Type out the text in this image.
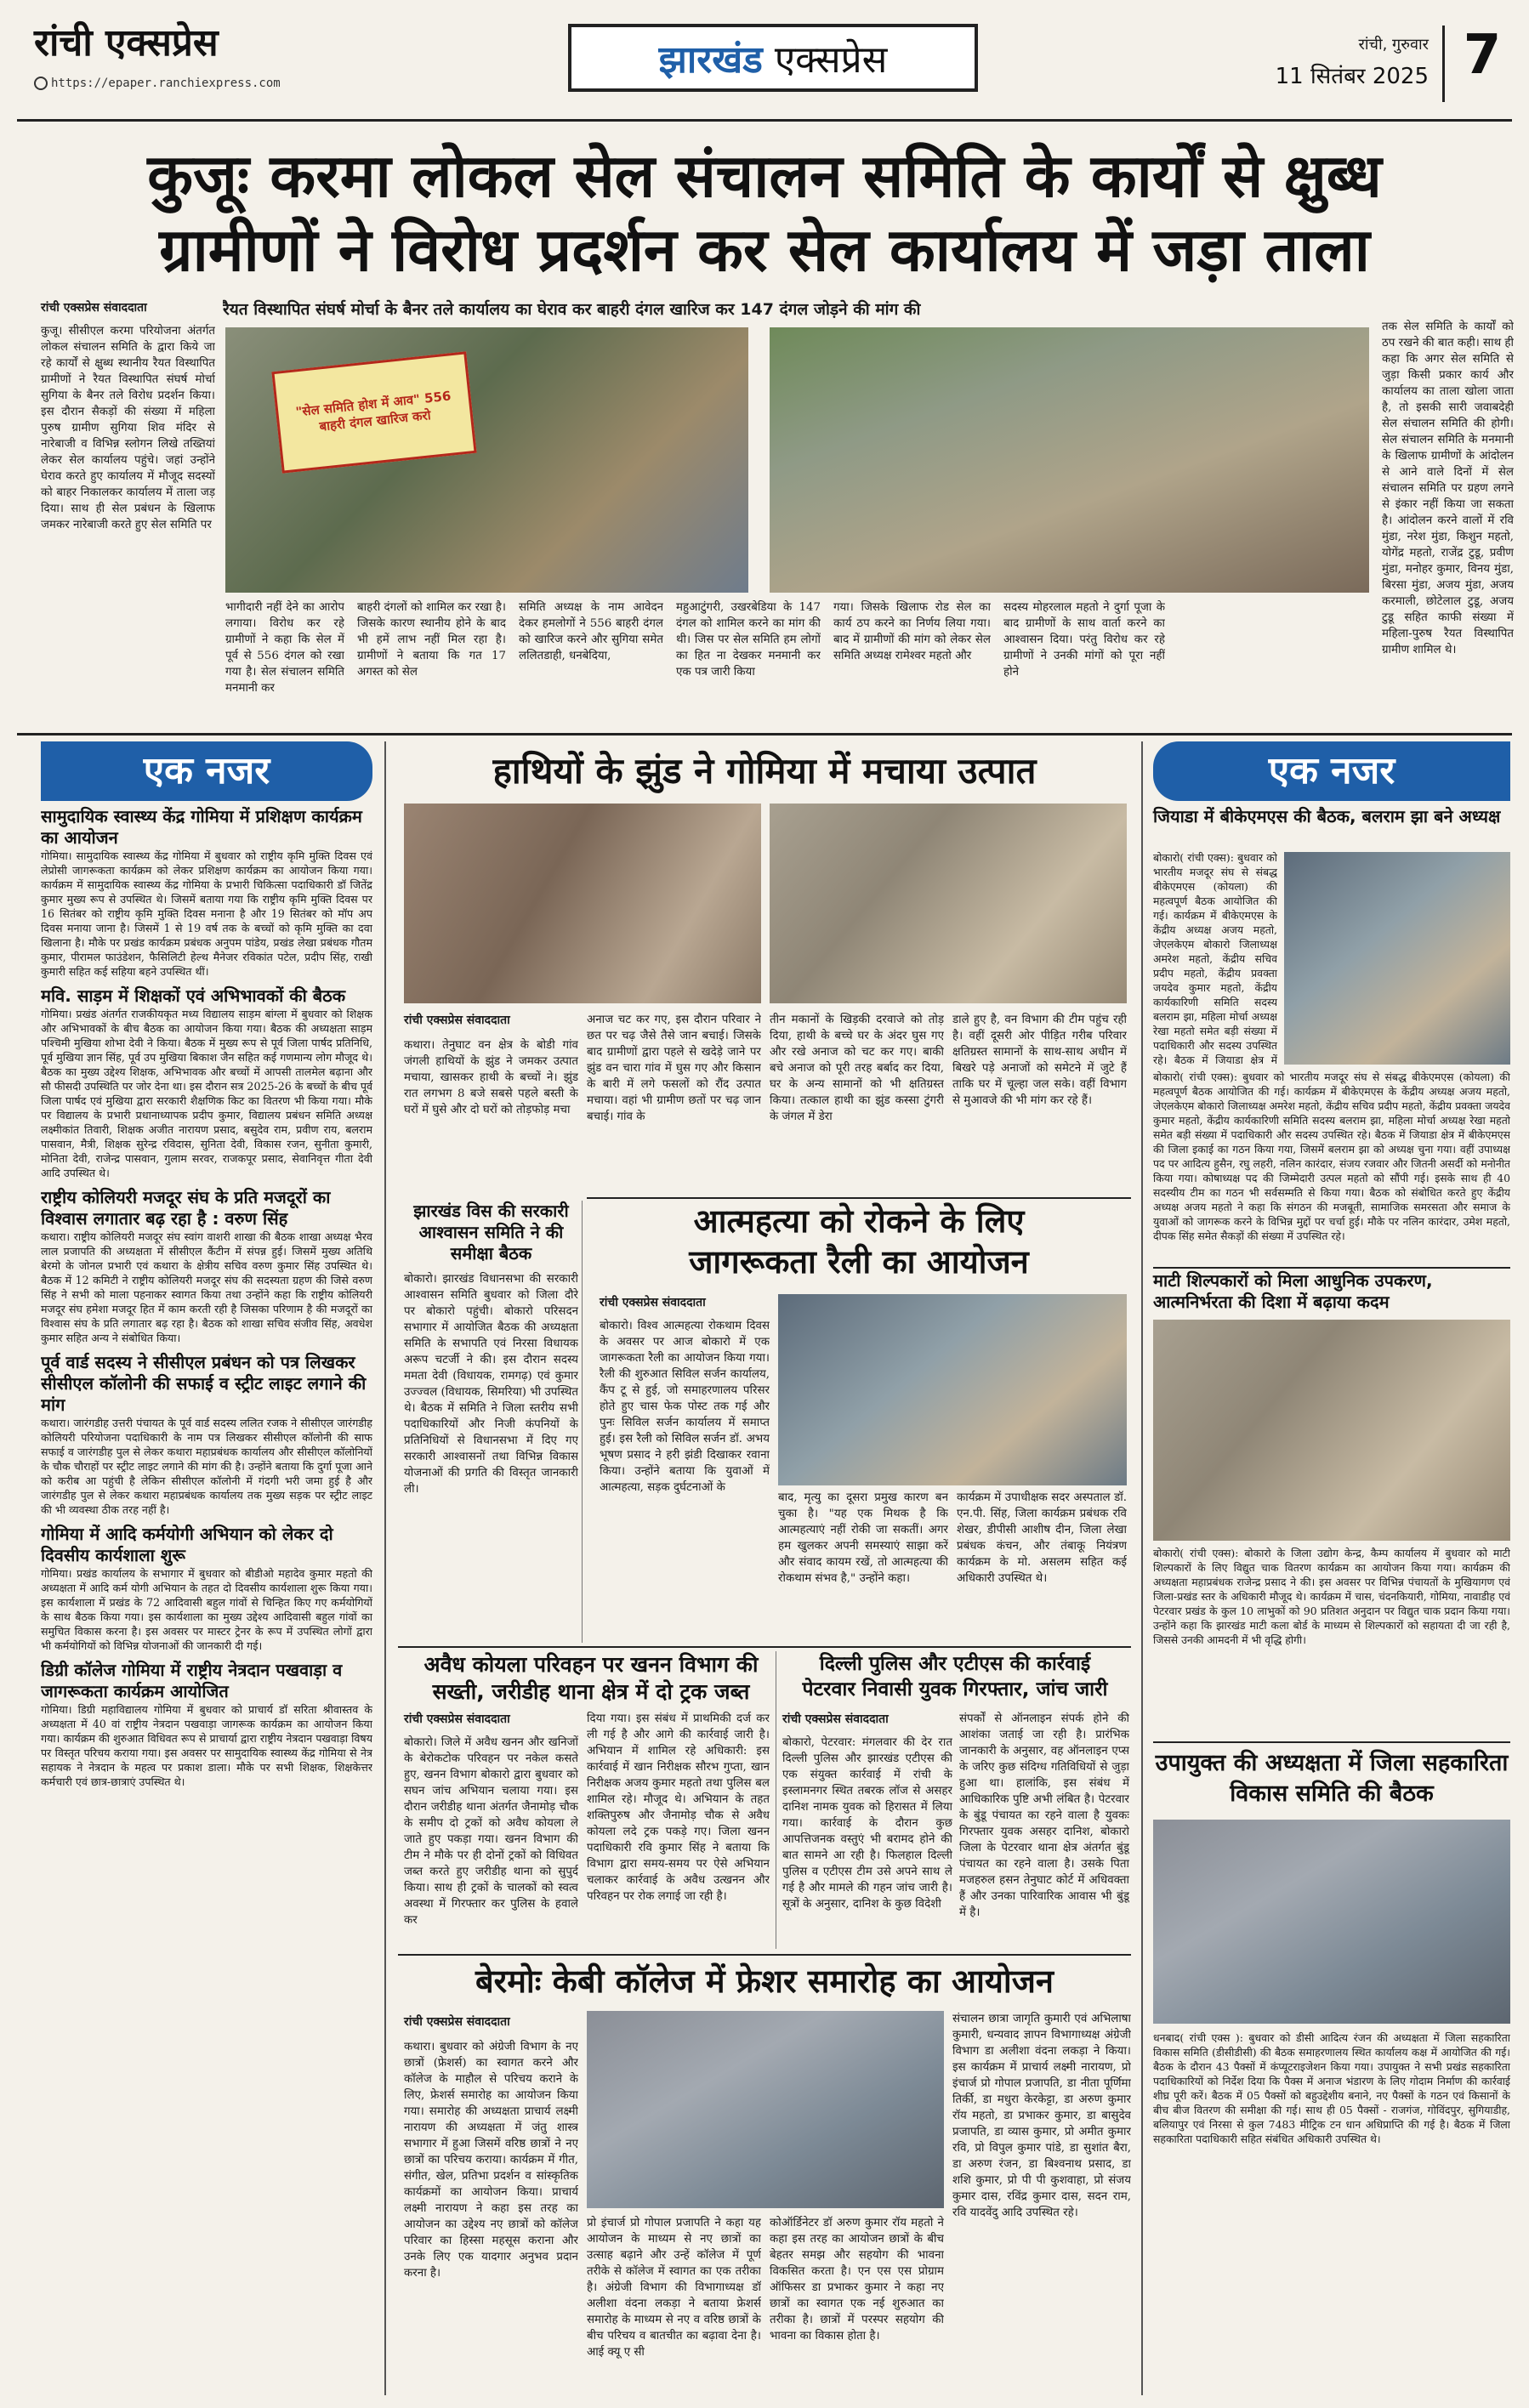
रांची एक्सप्रेस
https://epaper.ranchiexpress.com
झारखंड एक्सप्रेस	रांची, गुरुवार
11 सितंबर 2025 7
कुजूः करमा लोकल सेल संचालन समिति के कार्यों से क्षुब्ध
ग्रामीणों ने विरोध प्रदर्शन कर सेल कार्यालय में जड़ा ताला
रांची एक्सप्रेस संवाददाता	रैयत विस्थापित संघर्ष मोर्चा के बैनर तले कार्यालय का घेराव कर बाहरी दंगल खारिज कर 147 दंगल जोड़ने की मांग की
कुजू। सीसीएल करमा परियोजना अंतर्गत लोकल संचालन समिति के द्वारा किये जा रहे कार्यों से क्षुब्ध स्थानीय रैयत विस्थापित ग्रामीणों ने रैयत विस्थापित संघर्ष मोर्चा सुगिया के बैनर तले विरोध प्रदर्शन किया। इस दौरान सैकड़ों की संख्या में महिला पुरुष ग्रामीण सुगिया शिव मंदिर से नारेबाजी व विभिन्न स्लोगन लिखे तख्तियां लेकर सेल कार्यालय पहुंचे। जहां उन्होंने घेराव करते हुए कार्यालय में मौजूद सदस्यों को बाहर निकालकर कार्यालय में ताला जड़ दिया। साथ ही सेल प्रबंधन के खिलाफ जमकर नारेबाजी करते हुए सेल समिति पर
"सेल समिति होश में आव" 556 बाहरी दंगल खारिज करो
भागीदारी नहीं देने का आरोप लगाया। विरोध कर रहे ग्रामीणों ने कहा कि सेल में पूर्व से 556 दंगल को रखा गया है। सेल संचालन समिति मनमानी कर
बाहरी दंगलों को शामिल कर रखा है। जिसके कारण स्थानीय होने के बाद भी हमें लाभ नहीं मिल रहा है। ग्रामीणों ने बताया कि गत 17 अगस्त को सेल
समिति अध्यक्ष के नाम आवेदन देकर हमलोगों ने 556 बाहरी दंगल को खारिज करने और सुगिया समेत ललितडाही, धनबेदिया,
महुआटुंगरी, उखरबेडिया के 147 दंगल को शामिल करने का मांग की थी। जिस पर सेल समिति हम लोगों का हित ना देखकर मनमानी कर एक पत्र जारी किया
गया। जिसके खिलाफ रोड सेल का कार्य ठप करने का निर्णय लिया गया। बाद में ग्रामीणों की मांग को लेकर सेल समिति अध्यक्ष रामेश्वर महतो और
सदस्य मोहरलाल महतो ने दुर्गा पूजा के बाद ग्रामीणों के साथ वार्ता करने का आश्वासन दिया। परंतु विरोध कर रहे ग्रामीणों ने उनकी मांगों को पूरा नहीं होने
तक सेल समिति के कार्यों को ठप रखने की बात कही। साथ ही कहा कि अगर सेल समिति से जुड़ा किसी प्रकार कार्य और कार्यालय का ताला खोला जाता है, तो इसकी सारी जवाबदेही सेल संचालन समिति की होगी। सेल संचालन समिति के मनमानी के खिलाफ ग्रामीणों के आंदोलन से आने वाले दिनों में सेल संचालन समिति पर ग्रहण लगने से इंकार नहीं किया जा सकता है। आंदोलन करने वालों में रवि मुंडा, नरेश मुंडा, किशुन महतो, योगेंद्र महतो, राजेंद्र टुडू, प्रवीण मुंडा, मनोहर कुमार, विनय मुंडा, बिरसा मुंडा, अजय मुंडा, अजय करमाली, छोटेलाल टुडू, अजय टुडू सहित काफी संख्या में महिला-पुरुष रैयत विस्थापित ग्रामीण शामिल थे।
एक नजर
सामुदायिक स्वास्थ्य केंद्र गोमिया में प्रशिक्षण कार्यक्रम का आयोजन
गोमिया। सामुदायिक स्वास्थ्य केंद्र गोमिया में बुधवार को राष्ट्रीय कृमि मुक्ति दिवस एवं लेप्रोसी जागरूकता कार्यक्रम को लेकर प्रशिक्षण कार्यक्रम का आयोजन किया गया। कार्यक्रम में सामुदायिक स्वास्थ्य केंद्र गोमिया के प्रभारी चिकित्सा पदाधिकारी डॉ जितेंद्र कुमार मुख्य रूप से उपस्थित थे। जिसमें बताया गया कि राष्ट्रीय कृमि मुक्ति दिवस पर 16 सितंबर को राष्ट्रीय कृमि मुक्ति दिवस मनाना है और 19 सितंबर को मॉप अप दिवस मनाया जाना है। जिसमें 1 से 19 वर्ष तक के बच्चों को कृमि मुक्ति का दवा खिलाना है। मौके पर प्रखंड कार्यक्रम प्रबंधक अनुपम पांडेय, प्रखंड लेखा प्रबंधक गौतम कुमार, पीरामल फाउंडेशन, फैसिलिटी हेल्थ मैनेजर रविकांत पटेल, प्रदीप सिंह, राखी कुमारी सहित कई सहिया बहने उपस्थित थीं।
मवि. साड़म में शिक्षकों एवं अभिभावकों की बैठक
गोमिया। प्रखंड अंतर्गत राजकीयकृत मध्य विद्यालय साड़म बांग्ला में बुधवार को शिक्षक और अभिभावकों के बीच बैठक का आयोजन किया गया। बैठक की अध्यक्षता साड़म पश्चिमी मुखिया शोभा देवी ने किया। बैठक में मुख्य रूप से पूर्व जिला पार्षद प्रतिनिधि, पूर्व मुखिया ज्ञान सिंह, पूर्व उप मुखिया बिकाश जैन सहित कई गणमान्य लोग मौजूद थे। बैठक का मुख्य उद्देश्य शिक्षक, अभिभावक और बच्चों में आपसी तालमेल बढ़ाना और सौ फीसदी उपस्थिति पर जोर देना था। इस दौरान सत्र 2025-26 के बच्चों के बीच पूर्व जिला पार्षद एवं मुखिया द्वारा सरकारी शैक्षणिक किट का वितरण भी किया गया। मौके पर विद्यालय के प्रभारी प्रधानाध्यापक प्रदीप कुमार, विद्यालय प्रबंधन समिति अध्यक्ष लक्ष्मीकांत तिवारी, शिक्षक अजीत नारायण प्रसाद, बसुदेव राम, प्रवीण राय, बलराम पासवान, मैत्री, शिक्षक सुरेन्द्र रविदास, सुनिता देवी, विकास रजन, सुनीता कुमारी, मोनिता देवी, राजेन्द्र पासवान, गुलाम सरवर, राजकपूर प्रसाद, सेवानिवृत्त गीता देवी आदि उपस्थित थे।
राष्ट्रीय कोलियरी मजदूर संघ के प्रति मजदूरों का विश्वास लगातार बढ़ रहा है : वरुण सिंह
कथारा। राष्ट्रीय कोलियरी मजदूर संघ स्वांग वाशरी शाखा की बैठक शाखा अध्यक्ष भैरव लाल प्रजापति की अध्यक्षता में सीसीएल कैंटीन में संपन्न हुई। जिसमें मुख्य अतिथि बेरमो के जोनल प्रभारी एवं कथारा के क्षेत्रीय सचिव वरुण कुमार सिंह उपस्थित थे। बैठक में 12 कमिटी ने राष्ट्रीय कोलियरी मजदूर संघ की सदस्यता ग्रहण की जिसे वरुण सिंह ने सभी को माला पहनाकर स्वागत किया तथा उन्होंने कहा कि राष्ट्रीय कोलियरी मजदूर संघ हमेशा मजदूर हित में काम करती रही है जिसका परिणाम है की मजदूरों का विश्वास संघ के प्रति लगातार बढ़ रहा है। बैठक को शाखा सचिव संजीव सिंह, अवधेश कुमार सहित अन्य ने संबोधित किया।
पूर्व वार्ड सदस्य ने सीसीएल प्रबंधन को पत्र लिखकर सीसीएल कॉलोनी की सफाई व स्ट्रीट लाइट लगाने की मांग
कथारा। जारंगडीह उत्तरी पंचायत के पूर्व वार्ड सदस्य ललित रजक ने सीसीएल जारंगडीह कोलियरी परियोजना पदाधिकारी के नाम पत्र लिखकर सीसीएल कॉलोनी की साफ सफाई व जारंगडीह पुल से लेकर कथारा महाप्रबंधक कार्यालय और सीसीएल कॉलोनियों के चौक चौराहों पर स्ट्रीट लाइट लगाने की मांग की है। उन्होंने बताया कि दुर्गा पूजा आने को करीब आ पहुंची है लेकिन सीसीएल कॉलोनी में गंदगी भरी जमा हुई है और जारंगडीह पुल से लेकर कथारा महाप्रबंधक कार्यालय तक मुख्य सड़क पर स्ट्रीट लाइट की भी व्यवस्था ठीक तरह नहीं है।
गोमिया में आदि कर्मयोगी अभियान को लेकर दो दिवसीय कार्यशाला शुरू
गोमिया। प्रखंड कार्यालय के सभागार में बुधवार को बीडीओ महादेव कुमार महतो की अध्यक्षता में आदि कर्म योगी अभियान के तहत दो दिवसीय कार्यशाला शुरू किया गया। इस कार्यशाला में प्रखंड के 72 आदिवासी बहुल गांवों से चिन्हित किए गए कर्मयोगियों के साथ बैठक किया गया। इस कार्यशाला का मुख्य उद्देश्य आदिवासी बहुल गांवों का समुचित विकास करना है। इस अवसर पर मास्टर ट्रेनर के रूप में उपस्थित लोगों द्वारा भी कर्मयोगियों को विभिन्न योजनाओं की जानकारी दी गई।
डिग्री कॉलेज गोमिया में राष्ट्रीय नेत्रदान पखवाड़ा व जागरूकता कार्यक्रम आयोजित
गोमिया। डिग्री महाविद्यालय गोमिया में बुधवार को प्राचार्य डॉ सरिता श्रीवास्तव के अध्यक्षता में 40 वां राष्ट्रीय नेत्रदान पखवाड़ा जागरूक कार्यक्रम का आयोजन किया गया। कार्यक्रम की शुरुआत विधिवत रूप से प्राचार्या द्वारा राष्ट्रीय नेत्रदान पखवाड़ा विषय पर विस्तृत परिचय कराया गया। इस अवसर पर सामुदायिक स्वास्थ्य केंद्र गोमिया से नेत्र सहायक ने नेत्रदान के महत्व पर प्रकाश डाला। मौके पर सभी शिक्षक, शिक्षकेत्तर कर्मचारी एवं छात्र-छात्राएं उपस्थित थे।
हाथियों के झुंड ने गोमिया में मचाया उत्पात
रांची एक्सप्रेस संवाददाता
कथारा। तेनुघाट वन क्षेत्र के बोडी गांव जंगली हाथियों के झुंड ने जमकर उत्पात मचाया, खासकर हाथी के बच्चों ने। झुंड रात लगभग 8 बजे सबसे पहले बस्ती के घरों में घुसे और दो घरों को तोड़फोड़ मचा
अनाज चट कर गए, इस दौरान परिवार ने छत पर चढ़ जैसे तैसे जान बचाई। जिसके बाद ग्रामीणों द्वारा पहले से खदेड़े जाने पर झुंड वन चारा गांव में घुस गए और किसान के बारी में लगे फसलों को रौंद उत्पात मचाया। वहां भी ग्रामीण छतों पर चढ़ जान बचाई। गांव के
तीन मकानों के खिड़की दरवाजे को तोड़ दिया, हाथी के बच्चे घर के अंदर घुस गए और रखे अनाज को चट कर गए। बाकी बचे अनाज को पूरी तरह बर्बाद कर दिया, घर के अन्य सामानों को भी क्षतिग्रस्त किया। तत्काल हाथी का झुंड कस्सा टुंगरी के जंगल में डेरा
डाले हुए है, वन विभाग की टीम पहुंच रही है। वहीं दूसरी ओर पीड़ित गरीब परिवार क्षतिग्रस्त सामानों के साथ-साथ अधीन में बिखरे पड़े अनाजों को समेटने में जुटे हैं ताकि घर में चूल्हा जल सके। वहीं विभाग से मुआवजे की भी मांग कर रहे हैं।
झारखंड विस की सरकारी आश्वासन समिति ने की समीक्षा बैठक
बोकारो। झारखंड विधानसभा की सरकारी आश्वासन समिति बुधवार को जिला दौरे पर बोकारो पहुंची। बोकारो परिसदन सभागार में आयोजित बैठक की अध्यक्षता समिति के सभापति एवं निरसा विधायक अरूप चटर्जी ने की। इस दौरान सदस्य ममता देवी (विधायक, रामगढ़) एवं कुमार उज्ज्वल (विधायक, सिमरिया) भी उपस्थित थे। बैठक में समिति ने जिला स्तरीय सभी पदाधिकारियों और निजी कंपनियों के प्रतिनिधियों से विधानसभा में दिए गए सरकारी आश्वासनों तथा विभिन्न विकास योजनाओं की प्रगति की विस्तृत जानकारी ली।
आत्महत्या को रोकने के लिए
जागरूकता रैली का आयोजन
रांची एक्सप्रेस संवाददाता
बोकारो। विश्व आत्महत्या रोकथाम दिवस के अवसर पर आज बोकारो में एक जागरूकता रैली का आयोजन किया गया। रैली की शुरुआत सिविल सर्जन कार्यालय, कैंप टू से हुई, जो समाहरणालय परिसर होते हुए चास फेक पोस्ट तक गई और पुनः सिविल सर्जन कार्यालय में समाप्त हुई। इस रैली को सिविल सर्जन डॉ. अभय भूषण प्रसाद ने हरी झंडी दिखाकर रवाना किया। उन्होंने बताया कि युवाओं में आत्महत्या, सड़क दुर्घटनाओं के
बाद, मृत्यु का दूसरा प्रमुख कारण बन चुका है। "यह एक मिथक है कि आत्महत्याएं नहीं रोकी जा सकतीं। अगर हम खुलकर अपनी समस्याएं साझा करें और संवाद कायम रखें, तो आत्महत्या की रोकथाम संभव है," उन्होंने कहा।
कार्यक्रम में उपाधीक्षक सदर अस्पताल डॉ. एन.पी. सिंह, जिला कार्यक्रम प्रबंधक रवि शेखर, डीपीसी आशीष दीन, जिला लेखा प्रबंधक कंचन, और तंबाकू नियंत्रण कार्यक्रम के मो. असलम सहित कई अधिकारी उपस्थित थे।
अवैध कोयला परिवहन पर खनन विभाग की सख्ती, जरीडीह थाना क्षेत्र में दो ट्रक जब्त
रांची एक्सप्रेस संवाददाता
बोकारो। जिले में अवैध खनन और खनिजों के बेरोकटोक परिवहन पर नकेल कसते हुए, खनन विभाग बोकारो द्वारा बुधवार को सघन जांच अभियान चलाया गया। इस दौरान जरीडीह थाना अंतर्गत जैनामोड़ चौक के समीप दो ट्रकों को अवैध कोयला ले जाते हुए पकड़ा गया। खनन विभाग की टीम ने मौके पर ही दोनों ट्रकों को विधिवत जब्त करते हुए जरीडीह थाना को सुपुर्द किया। साथ ही ट्रकों के चालकों को स्वत्व अवस्था में गिरफ्तार कर पुलिस के हवाले कर
दिया गया। इस संबंध में प्राथमिकी दर्ज कर ली गई है और आगे की कार्रवाई जारी है। अभियान में शामिल रहे अधिकारी: इस कार्रवाई में खान निरीक्षक सौरभ गुप्ता, खान निरीक्षक अजय कुमार महतो तथा पुलिस बल शामिल रहे। मौजूद थे। अभियान के तहत शक्तिपुरुष और जैनामोड़ चौक से अवैध कोयला लदे ट्रक पकड़े गए। जिला खनन पदाधिकारी रवि कुमार सिंह ने बताया कि विभाग द्वारा समय-समय पर ऐसे अभियान चलाकर कार्रवाई के अवैध उत्खनन और परिवहन पर रोक लगाई जा रही है।
दिल्ली पुलिस और एटीएस की कार्रवाई
पेटरवार निवासी युवक गिरफ्तार, जांच जारी
रांची एक्सप्रेस संवाददाता
बोकारो, पेटरवार: मंगलवार की देर रात दिल्ली पुलिस और झारखंड एटीएस की एक संयुक्त कार्रवाई में रांची के इस्लामनगर स्थित तबरक लॉज से असहर दानिश नामक युवक को हिरासत में लिया गया। कार्रवाई के दौरान कुछ आपत्तिजनक वस्तुएं भी बरामद होने की बात सामने आ रही है। फिलहाल दिल्ली पुलिस व एटीएस टीम उसे अपने साथ ले गई है और मामले की गहन जांच जारी है। सूत्रों के अनुसार, दानिश के कुछ विदेशी
संपर्कों से ऑनलाइन संपर्क होने की आशंका जताई जा रही है। प्रारंभिक जानकारी के अनुसार, वह ऑनलाइन एप्स के जरिए कुछ संदिग्ध गतिविधियों से जुड़ा हुआ था। हालांकि, इस संबंध में आधिकारिक पुष्टि अभी लंबित है। पेटरवार के बुंडू पंचायत का रहने वाला है युवकः गिरफ्तार युवक असहर दानिश, बोकारो जिला के पेटरवार थाना क्षेत्र अंतर्गत बुंडू पंचायत का रहने वाला है। उसके पिता मजहरुल हसन तेनुघाट कोर्ट में अधिवक्ता हैं और उनका पारिवारिक आवास भी बुंडू में है।
बेरमोः केबी कॉलेज में फ्रेशर समारोह का आयोजन
रांची एक्सप्रेस संवाददाता
कथारा। बुधवार को अंग्रेजी विभाग के नए छात्रों (फ्रेशर्स) का स्वागत करने और कॉलेज के माहौल से परिचय कराने के लिए, फ्रेशर्स समारोह का आयोजन किया गया। समारोह की अध्यक्षता प्राचार्य लक्ष्मी नारायण की अध्यक्षता में जंतु शास्त्र सभागार में हुआ जिसमें वरिष्ठ छात्रों ने नए छात्रों का परिचय कराया। कार्यक्रम में गीत, संगीत, खेल, प्रतिभा प्रदर्शन व सांस्कृतिक कार्यक्रमों का आयोजन किया। प्राचार्य लक्ष्मी नारायण ने कहा इस तरह का आयोजन का उद्देश्य नए छात्रों को कॉलेज परिवार का हिस्सा महसूस कराना और उनके लिए एक यादगार अनुभव प्रदान करना है।
प्रो इंचार्ज प्रो गोपाल प्रजापति ने कहा यह आयोजन के माध्यम से नए छात्रों का उत्साह बढ़ाने और उन्हें कॉलेज में पूर्ण तरीके से कॉलेज में स्वागत का एक तरीका है। अंग्रेजी विभाग की विभागाध्यक्ष डॉ अलीशा वंदना लकड़ा ने बताया फ्रेशर्स समारोह के माध्यम से नए व वरिष्ठ छात्रों के बीच परिचय व बातचीत का बढ़ावा देना है। आई क्यू ए सी
कोऑर्डिनेटर डॉ अरुण कुमार रॉय महतो ने कहा इस तरह का आयोजन छात्रों के बीच बेहतर समझ और सहयोग की भावना विकसित करता है। एन एस एस प्रोग्राम ऑफिसर डा प्रभाकर कुमार ने कहा नए छात्रों का स्वागत एक नई शुरुआत का तरीका है। छात्रों में परस्पर सहयोग की भावना का विकास होता है।
संचालन छात्रा जागृति कुमारी एवं अभिलाषा कुमारी, धन्यवाद ज्ञापन विभागाध्यक्ष अंग्रेजी विभाग डा अलीशा वंदना लकड़ा ने किया। इस कार्यक्रम में प्राचार्य लक्ष्मी नारायण, प्रो इंचार्ज प्रो गोपाल प्रजापति, डा नीता पूर्णिमा तिर्की, डा मधुरा केरकेट्टा, डा अरुण कुमार रॉय महतो, डा प्रभाकर कुमार, डा बासुदेव प्रजापति, डा व्यास कुमार, प्रो अमीत कुमार रवि, प्रो विपुल कुमार पांडे, डा सुशांत बैरा, डा अरुण रंजन, डा बिश्वनाथ प्रसाद, डा शशि कुमार, प्रो पी पी कुशवाहा, प्रो संजय कुमार दास, रविंद्र कुमार दास, सदन राम, रवि यादवेंदु आदि उपस्थित रहे।
एक नजर
जियाडा में बीकेएमएस की बैठक, बलराम झा बने अध्यक्ष
बोकारो( रांची एक्स): बुधवार को भारतीय मजदूर संघ से संबद्ध बीकेएमएस (कोयला) की महत्वपूर्ण बैठक आयोजित की गई। कार्यक्रम में बीकेएमएस के केंद्रीय अध्यक्ष अजय महतो, जेएलकेएम बोकारो जिलाध्यक्ष अमरेश महतो, केंद्रीय सचिव प्रदीप महतो, केंद्रीय प्रवक्ता जयदेव कुमार महतो, केंद्रीय कार्यकारिणी समिति सदस्य बलराम झा, महिला मोर्चा अध्यक्ष रेखा महतो समेत बड़ी संख्या में पदाधिकारी और सदस्य उपस्थित रहे। बैठक में जियाडा क्षेत्र में
बोकारो( रांची एक्स): बुधवार को भारतीय मजदूर संघ से संबद्ध बीकेएमएस (कोयला) की महत्वपूर्ण बैठक आयोजित की गई। कार्यक्रम में बीकेएमएस के केंद्रीय अध्यक्ष अजय महतो, जेएलकेएम बोकारो जिलाध्यक्ष अमरेश महतो, केंद्रीय सचिव प्रदीप महतो, केंद्रीय प्रवक्ता जयदेव कुमार महतो, केंद्रीय कार्यकारिणी समिति सदस्य बलराम झा, महिला मोर्चा अध्यक्ष रेखा महतो समेत बड़ी संख्या में पदाधिकारी और सदस्य उपस्थित रहे। बैठक में जियाडा क्षेत्र में बीकेएमएस की जिला इकाई का गठन किया गया, जिसमें बलराम झा को अध्यक्ष चुना गया। वहीं उपाध्यक्ष पद पर आदित्य हुसैन, रघु लहरी, नलिन कारंदार, संजय रजवार और जितनी असर्दी को मनोनीत किया गया। कोषाध्यक्ष पद की जिम्मेदारी उत्पल महतो को सौंपी गई। इसके साथ ही 40 सदस्यीय टीम का गठन भी सर्वसम्मति से किया गया। बैठक को संबोधित करते हुए केंद्रीय अध्यक्ष अजय महतो ने कहा कि संगठन की मजबूती, सामाजिक समरसता और समाज के युवाओं को जागरूक करने के विभिन्न मुद्दों पर चर्चा हुई। मौके पर नलिन कारंदार, उमेश महतो, दीपक सिंह समेत सैकड़ों की संख्या में उपस्थित रहे।
माटी शिल्पकारों को मिला आधुनिक उपकरण, आत्मनिर्भरता की दिशा में बढ़ाया कदम
बोकारो( रांची एक्स): बोकारो के जिला उद्योग केन्द्र, कैम्प कार्यालय में बुधवार को माटी शिल्पकारों के लिए विद्युत चाक वितरण कार्यक्रम का आयोजन किया गया। कार्यक्रम की अध्यक्षता महाप्रबंधक राजेन्द्र प्रसाद ने की। इस अवसर पर विभिन्न पंचायतों के मुखियागण एवं जिला-प्रखंड स्तर के अधिकारी मौजूद थे। कार्यक्रम में चास, चंदनकियारी, गोमिया, नावाडीह एवं पेटरवार प्रखंड के कुल 10 लाभुकों को 90 प्रतिशत अनुदान पर विद्युत चाक प्रदान किया गया। उन्होंने कहा कि झारखंड माटी कला बोर्ड के माध्यम से शिल्पकारों को सहायता दी जा रही है, जिससे उनकी आमदनी में भी वृद्धि होगी।
उपायुक्त की अध्यक्षता में जिला सहकारिता विकास समिति की बैठक
धनबाद( रांची एक्स ): बुधवार को डीसी आदित्य रंजन की अध्यक्षता में जिला सहकारिता विकास समिति (डीसीडीसी) की बैठक समाहरणालय स्थित कार्यालय कक्ष में आयोजित की गई। बैठक के दौरान 43 पैक्सों में कंप्यूटराइजेशन किया गया। उपायुक्त ने सभी प्रखंड सहकारिता पदाधिकारियों को निर्देश दिया कि पैक्स में अनाज भंडारण के लिए गोदाम निर्माण की कार्रवाई शीघ्र पूरी करें। बैठक में 05 पैक्सों को बहुउद्देशीय बनाने, नए पैक्सों के गठन एवं किसानों के बीच बीज वितरण की समीक्षा की गई। साथ ही 05 पैक्सों - राजगंज, गोविंदपुर, सुगियाडीह, बलियापुर एवं निरसा से कुल 7483 मीट्रिक टन धान अधिप्राप्ति की गई है। बैठक में जिला सहकारिता पदाधिकारी सहित संबंधित अधिकारी उपस्थित थे।
